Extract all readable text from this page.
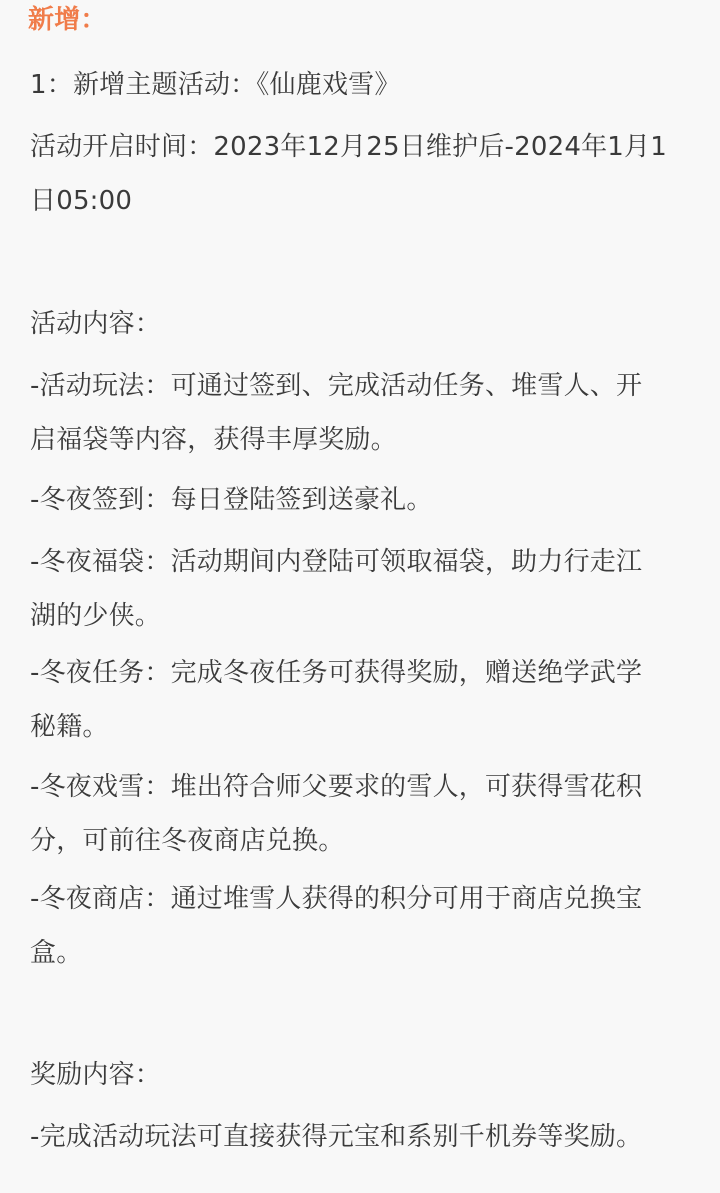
新增：
1：新增主题活动：《仙鹿戏雪》
活动开启时间：2023年12月25日维护后-2024年1月1
日05:00
活动内容：
-活动玩法：可通过签到、完成活动任务、堆雪人、开
启福袋等内容，获得丰厚奖励。
-冬夜签到：每日登陆签到送豪礼。
-冬夜福袋：活动期间内登陆可领取福袋，助力行走江
湖的少侠。
-冬夜任务：完成冬夜任务可获得奖励，赠送绝学武学
秘籍。
-冬夜戏雪：堆出符合师父要求的雪人，可获得雪花积
分，可前往冬夜商店兑换。
-冬夜商店：通过堆雪人获得的积分可用于商店兑换宝
盒。
奖励内容：
-完成活动玩法可直接获得元宝和系别千机券等奖励。
